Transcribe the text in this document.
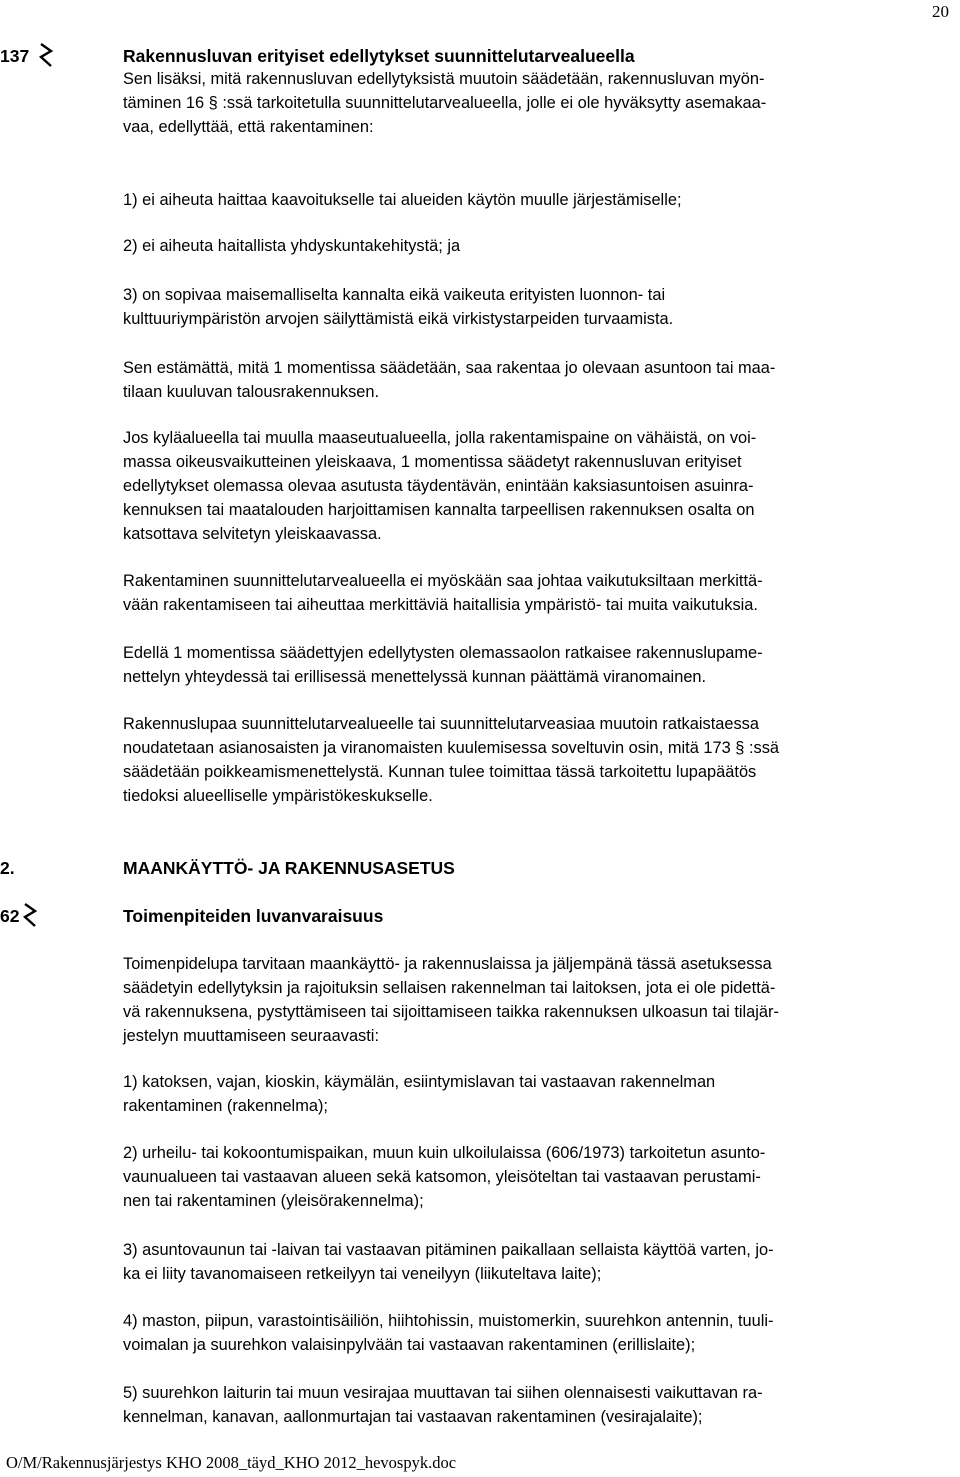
20
137	Rakennusluvan erityiset edellytykset suunnittelutarvealueella
Sen lisäksi, mitä rakennusluvan edellytyksistä muutoin säädetään, rakennusluvan myön-
täminen 16 § :ssä tarkoitetulla suunnittelutarvealueella, jolle ei ole hyväksytty asemakaa-
vaa, edellyttää, että rakentaminen:
1) ei aiheuta haittaa kaavoitukselle tai alueiden käytön muulle järjestämiselle;
2) ei aiheuta haitallista yhdyskuntakehitystä; ja
3) on sopivaa maisemalliselta kannalta eikä vaikeuta erityisten luonnon- tai
kulttuuriympäristön arvojen säilyttämistä eikä virkistystarpeiden turvaamista.
Sen estämättä, mitä 1 momentissa säädetään, saa rakentaa jo olevaan asuntoon tai maa-
tilaan kuuluvan talousrakennuksen.
Jos kyläalueella tai muulla maaseutualueella, jolla rakentamispaine on vähäistä, on voi-
massa oikeusvaikutteinen yleiskaava, 1 momentissa säädetyt rakennusluvan erityiset
edellytykset olemassa olevaa asutusta täydentävän, enintään kaksiasuntoisen asuinra-
kennuksen tai maatalouden harjoittamisen kannalta tarpeellisen rakennuksen osalta on
katsottava selvitetyn yleiskaavassa.
Rakentaminen suunnittelutarvealueella ei myöskään saa johtaa vaikutuksiltaan merkittä-
vään rakentamiseen tai aiheuttaa merkittäviä haitallisia ympäristö- tai muita vaikutuksia.
Edellä 1 momentissa säädettyjen edellytysten olemassaolon ratkaisee rakennuslupame-
nettelyn yhteydessä tai erillisessä menettelyssä kunnan päättämä viranomainen.
Rakennuslupaa suunnittelutarvealueelle tai suunnittelutarveasiaa muutoin ratkaistaessa
noudatetaan asianosaisten ja viranomaisten kuulemisessa soveltuvin osin, mitä 173 § :ssä
säädetään poikkeamismenettelystä. Kunnan tulee toimittaa tässä tarkoitettu lupapäätös
tiedoksi alueelliselle ympäristökeskukselle.
2.	MAANKÄYTTÖ- JA RAKENNUSASETUS
62	Toimenpiteiden luvanvaraisuus
Toimenpidelupa tarvitaan maankäyttö- ja rakennuslaissa ja jäljempänä tässä asetuksessa
säädetyin edellytyksin ja rajoituksin sellaisen rakennelman tai laitoksen, jota ei ole pidettä-
vä rakennuksena, pystyttämiseen tai sijoittamiseen taikka rakennuksen ulkoasun tai tilajär-
jestelyn muuttamiseen seuraavasti:
1) katoksen, vajan, kioskin, käymälän, esiintymislavan tai vastaavan rakennelman
rakentaminen (rakennelma);
2) urheilu- tai kokoontumispaikan, muun kuin ulkoilulaissa (606/1973) tarkoitetun asunto-
vaunualueen tai vastaavan alueen sekä katsomon, yleisöteltan tai vastaavan perustami-
nen tai rakentaminen (yleisörakennelma);
3) asuntovaunun tai -laivan tai vastaavan pitäminen paikallaan sellaista käyttöä varten, jo-
ka ei liity tavanomaiseen retkeilyyn tai veneilyyn (liikuteltava laite);
4) maston, piipun, varastointisäiliön, hiihtohissin, muistomerkin, suurehkon antennin, tuuli-
voimalan ja suurehkon valaisinpylvään tai vastaavan rakentaminen (erillislaite);
5) suurehkon laiturin tai muun vesirajaa muuttavan tai siihen olennaisesti vaikuttavan ra-
kennelman, kanavan, aallonmurtajan tai vastaavan rakentaminen (vesirajalaite);
O/M/Rakennusjärjestys KHO 2008_täyd_KHO 2012_hevospyk.doc
